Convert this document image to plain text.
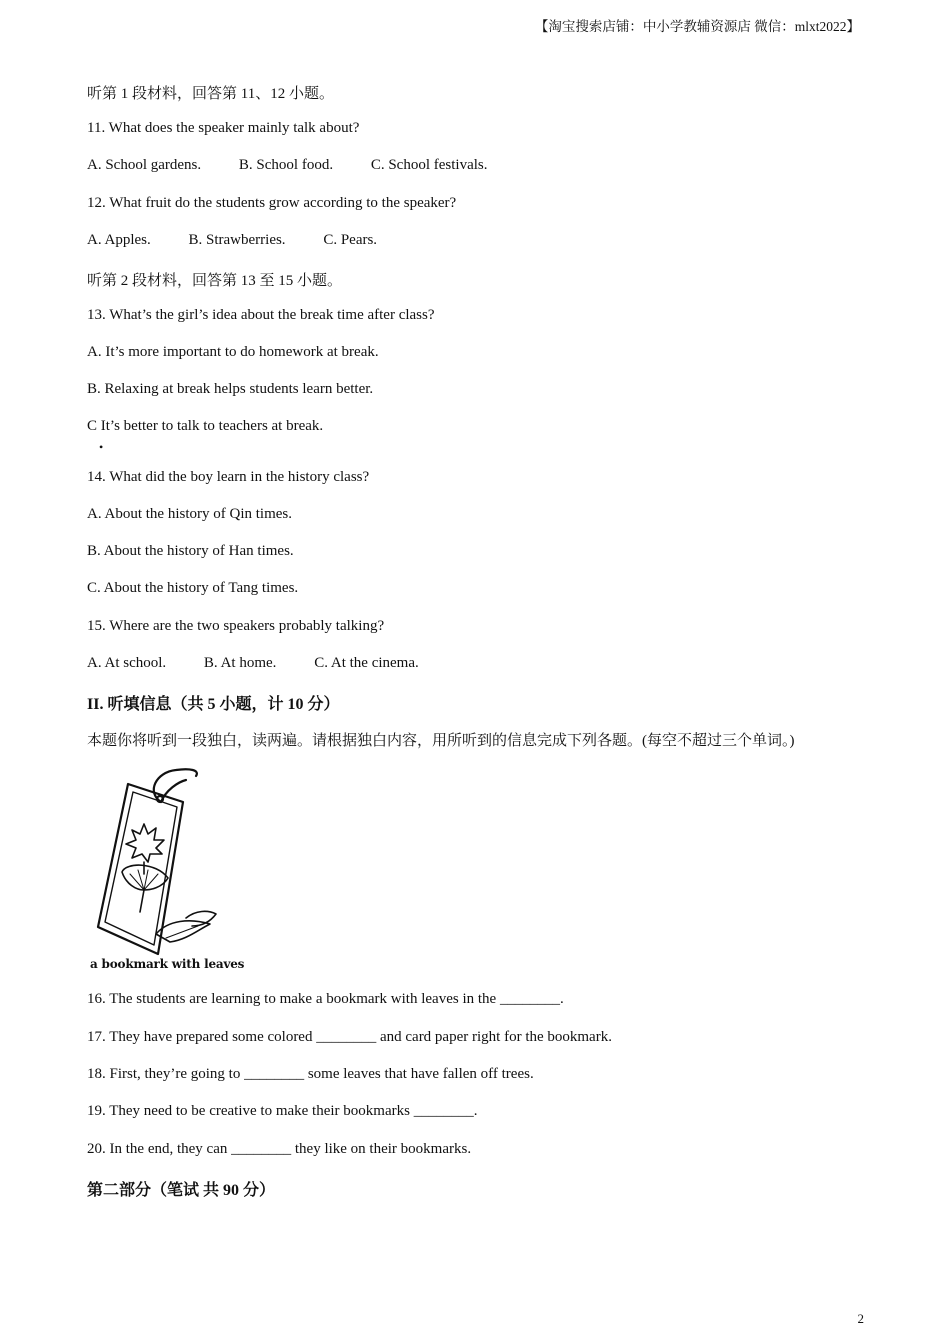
【淘宝搜索店铺：中小学教辅资源店 微信：mlxt2022】
听第 1 段材料，回答第 11、12 小题。
11. What does the speaker mainly talk about?
A. School gardens.	B. School food.	C. School festivals.
12. What fruit do the students grow according to the speaker?
A. Apples.	B. Strawberries.	C. Pears.
听第 2 段材料，回答第 13 至 15 小题。
13. What’s the girl’s idea about the break time after class?
A. It’s more important to do homework at break.
B. Relaxing at break helps students learn better.
C It’s better to talk to teachers at break.
•
14. What did the boy learn in the history class?
A. About the history of Qin times.
B. About the history of Han times.
C. About the history of Tang times.
15. Where are the two speakers probably talking?
A. At school.	B. At home.	C. At the cinema.
II. 听填信息（共 5 小题，计 10 分）
本题你将听到一段独白，读两遍。请根据独白内容，用所听到的信息完成下列各题。(每空不超过三个单词。)
a bookmark with leaves
16. The students are learning to make a bookmark with leaves in the ________.
17. They have prepared some colored ________ and card paper right for the bookmark.
18. First, they’re going to ________ some leaves that have fallen off trees.
19. They need to be creative to make their bookmarks ________.
20. In the end, they can ________ they like on their bookmarks.
第二部分（笔试 共 90 分）
2
